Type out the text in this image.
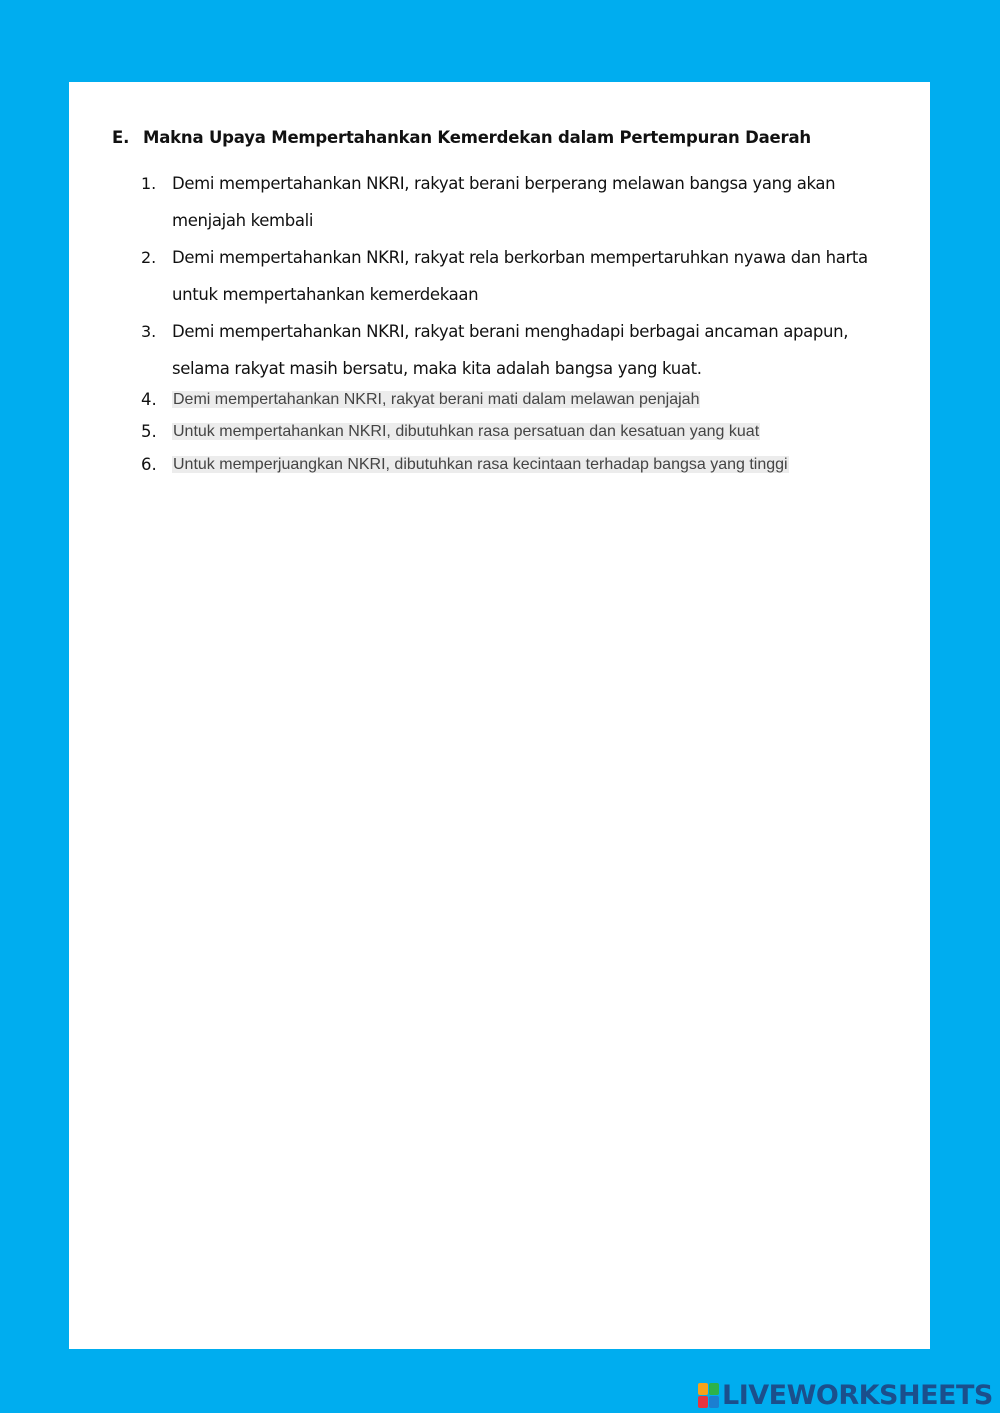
E. Makna Upaya Mempertahankan Kemerdekan dalam Pertempuran Daerah
1. Demi mempertahankan NKRI, rakyat berani berperang melawan bangsa yang akan menjajah kembali
2. Demi mempertahankan NKRI, rakyat rela berkorban mempertaruhkan nyawa dan harta untuk mempertahankan kemerdekaan
3. Demi mempertahankan NKRI, rakyat berani menghadapi berbagai ancaman apapun, selama rakyat masih bersatu, maka kita adalah bangsa yang kuat.
4. Demi mempertahankan NKRI, rakyat berani mati dalam melawan penjajah
5. Untuk mempertahankan NKRI, dibutuhkan rasa persatuan dan kesatuan yang kuat
6. Untuk memperjuangkan NKRI, dibutuhkan rasa kecintaan terhadap bangsa yang tinggi
LIVEWORKSHEETS
